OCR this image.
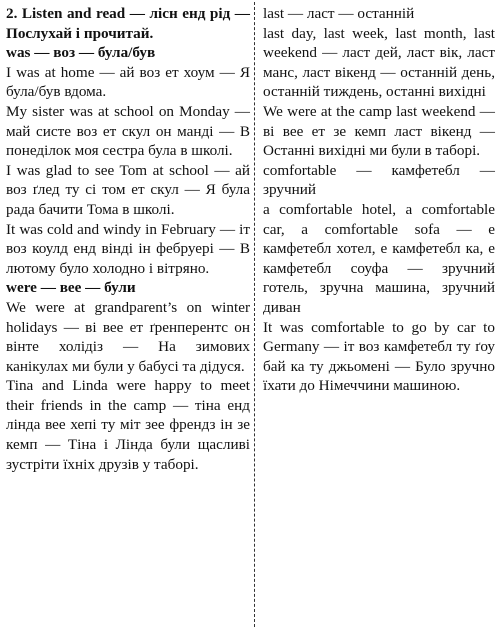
2. Listen and read — лісн енд рід — Послухай і прочитай.

was — воз — була/був

I was at home — ай воз ет хоум — Я була/був вдома.

My sister was at school on Monday — май систе воз ет скул он манді — В понеділок моя сестра була в школі.

I was glad to see Tom at school — ай воз ґлед ту сі том ет скул — Я була рада бачити Тома в школі.

It was cold and windy in February — іт воз коулд енд вінді ін фебруері — В лютому було холодно і вітряно.

were — вее — були

We were at grandparent’s on winter holidays — ві вее ет ґренперентс он вінте холідіз — На зимових канікулах ми були у бабусі та дідуся.

Tina and Linda were happy to meet their friends in the camp — тіна енд лінда вее хепі ту міт зее френдз ін зе кемп — Тіна і Лінда були щасливі зустріти їхніх друзів у таборі.

last — ласт — останній

last day, last week, last month, last weekend — ласт дей, ласт вік, ласт манс, ласт вікенд — останній день, останній тиждень, останні вихідні

We were at the camp last weekend — ві вее ет зе кемп ласт вікенд — Останні вихідні ми були в таборі.

comfortable — камфетебл — зручний

a comfortable hotel, a comfortable car, a comfortable sofa — е камфетебл хотел, е камфетебл ка, е камфетебл соуфа — зручний готель, зручна машина, зручний диван

It was comfortable to go by car to Germany — іт воз камфетебл ту ґоу бай ка ту джьомені — Було зручно їхати до Німеччини машиною.
